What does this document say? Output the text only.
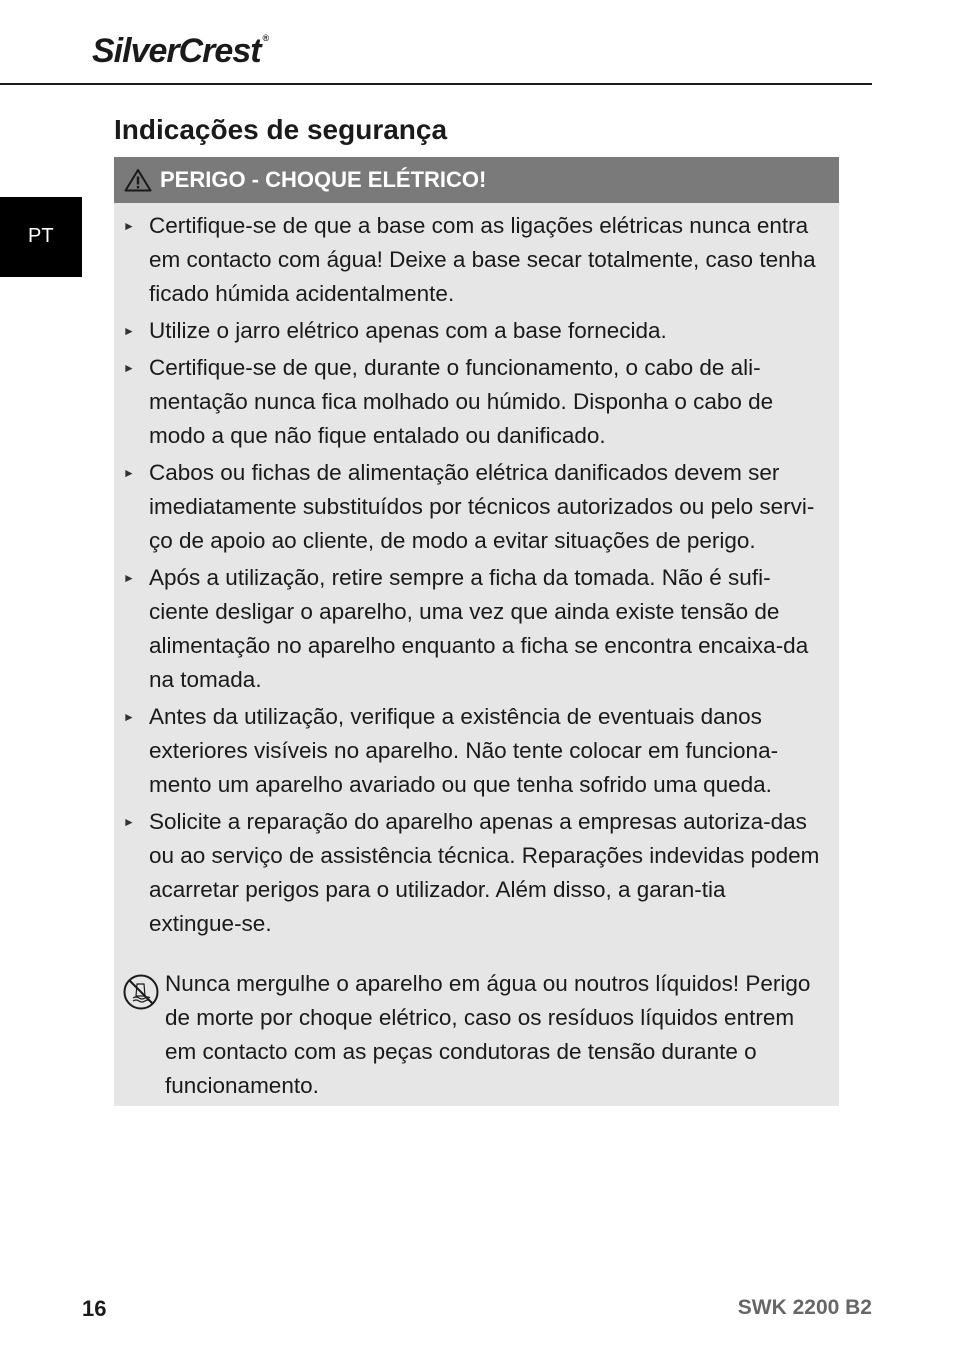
SilverCrest ®
PT
Indicações de segurança
PERIGO - CHOQUE ELÉTRICO!
► Certifique-se de que a base com as ligações elétricas nunca entra em contacto com água! Deixe a base secar totalmente, caso tenha ficado húmida acidentalmente.
► Utilize o jarro elétrico apenas com a base fornecida.
► Certifique-se de que, durante o funcionamento, o cabo de ali-mentação nunca fica molhado ou húmido. Disponha o cabo de modo a que não fique entalado ou danificado.
► Cabos ou fichas de alimentação elétrica danificados devem ser imediatamente substituídos por técnicos autorizados ou pelo servi-ço de apoio ao cliente, de modo a evitar situações de perigo.
► Após a utilização, retire sempre a ficha da tomada. Não é sufi-ciente desligar o aparelho, uma vez que ainda existe tensão de alimentação no aparelho enquanto a ficha se encontra encaixa-da na tomada.
► Antes da utilização, verifique a existência de eventuais danos exteriores visíveis no aparelho. Não tente colocar em funciona-mento um aparelho avariado ou que tenha sofrido uma queda.
► Solicite a reparação do aparelho apenas a empresas autoriza-das ou ao serviço de assistência técnica. Reparações indevidas podem acarretar perigos para o utilizador. Além disso, a garan-tia extingue-se.
Nunca mergulhe o aparelho em água ou noutros líquidos! Perigo de morte por choque elétrico, caso os resíduos líquidos entrem em contacto com as peças condutoras de tensão durante o funcionamento.
16	SWK 2200 B2
